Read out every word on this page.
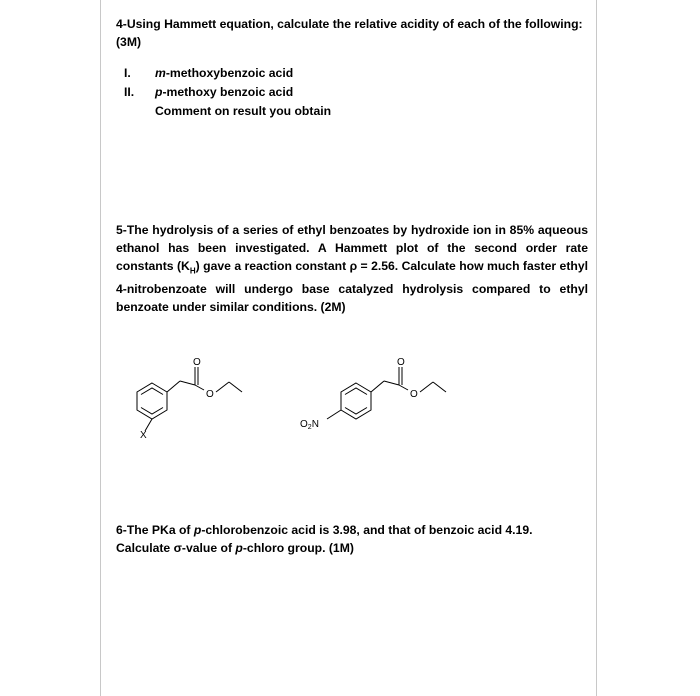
4-Using Hammett equation, calculate the relative acidity of each of the following:
(3M)
I.	m-methoxybenzoic acid
II.	p-methoxy benzoic acid
Comment on result you obtain
5-The hydrolysis of a series of ethyl benzoates by hydroxide ion in 85% aqueous ethanol has been investigated. A Hammett plot of the second order rate constants $(K_H)$ gave a reaction constant ρ = 2.56. Calculate how much faster ethyl 4-nitrobenzoate will undergo base catalyzed hydrolysis compared to ethyl benzoate under similar conditions. (2M)
O
O
X
O
O
$O_2N$
6-The PKa of p-chlorobenzoic acid is 3.98, and that of benzoic acid 4.19. Calculate σ-value of p-chloro group. (1M)
